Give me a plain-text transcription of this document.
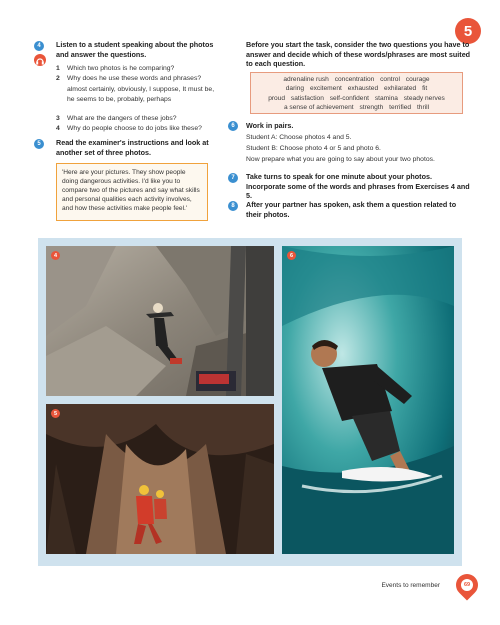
5
4	Listen to a student speaking about the photos and answer the questions.
1 Which two photos is he comparing?
2 Why does he use these words and phrases?
almost certainly, obviously, I suppose, It must be, he seems to be, probably, perhaps
3 What are the dangers of these jobs?
4 Why do people choose to do jobs like these?
5	Read the examiner's instructions and look at another set of three photos.
'Here are your pictures. They show people doing dangerous activities. I'd like you to compare two of the pictures and say what skills and personal qualities each activity involves, and how these activities make people feel.'
Before you start the task, consider the two questions you have to answer and decide which of these words/phrases are most suited to each question.
adrenaline rush concentration control courage
daring excitement exhausted exhilarated fit
proud satisfaction self-confident stamina steady nerves
a sense of achievement strength terrified thrill
6	Work in pairs.
Student A: Choose photos 4 and 5.
Student B: Choose photo 4 or 5 and photo 6.
Now prepare what you are going to say about your two photos.
7	Take turns to speak for one minute about your photos. Incorporate some of the words and phrases from Exercises 4 and 5.
8	After your partner has spoken, ask them a question related to their photos.
4
5
6
Events to remember	69
